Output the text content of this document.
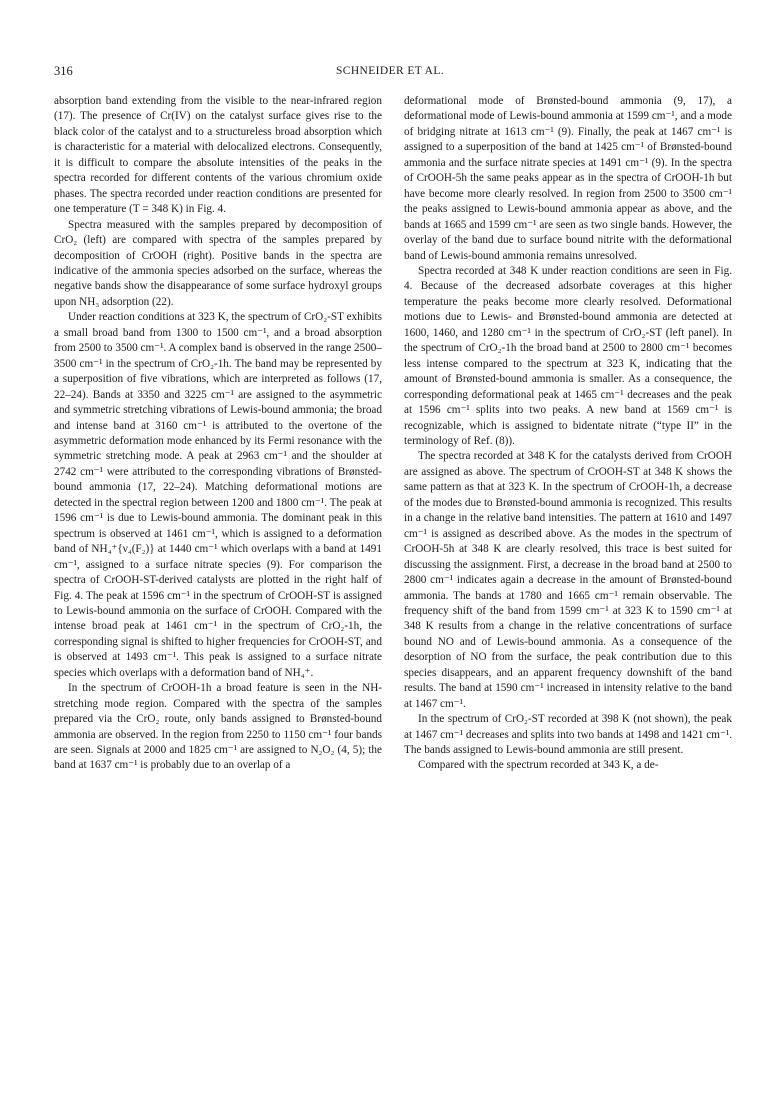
316	SCHNEIDER ET AL.

absorption band extending from the visible to the near-infrared region (17). The presence of Cr(IV) on the catalyst surface gives rise to the black color of the catalyst and to a structureless broad absorption which is characteristic for a material with delocalized electrons. Consequently, it is difficult to compare the absolute intensities of the peaks in the spectra recorded for different contents of the various chromium oxide phases. The spectra recorded under reaction conditions are presented for one temperature (T = 348 K) in Fig. 4.

Spectra measured with the samples prepared by decomposition of CrO₂ (left) are compared with spectra of the samples prepared by decomposition of CrOOH (right). Positive bands in the spectra are indicative of the ammonia species adsorbed on the surface, whereas the negative bands show the disappearance of some surface hydroxyl groups upon NH₃ adsorption (22).

Under reaction conditions at 323 K, the spectrum of CrO₂-ST exhibits a small broad band from 1300 to 1500 cm⁻¹, and a broad absorption from 2500 to 3500 cm⁻¹. A complex band is observed in the range 2500–3500 cm⁻¹ in the spectrum of CrO₂-1h. The band may be represented by a superposition of five vibrations, which are interpreted as follows (17, 22–24). Bands at 3350 and 3225 cm⁻¹ are assigned to the asymmetric and symmetric stretching vibrations of Lewis-bound ammonia; the broad and intense band at 3160 cm⁻¹ is attributed to the overtone of the asymmetric deformation mode enhanced by its Fermi resonance with the symmetric stretching mode. A peak at 2963 cm⁻¹ and the shoulder at 2742 cm⁻¹ were attributed to the corresponding vibrations of Brønsted-bound ammonia (17, 22–24). Matching deformational motions are detected in the spectral region between 1200 and 1800 cm⁻¹. The peak at 1596 cm⁻¹ is due to Lewis-bound ammonia. The dominant peak in this spectrum is observed at 1461 cm⁻¹, which is assigned to a deformation band of NH₄⁺{ν₄(F₂)} at 1440 cm⁻¹ which overlaps with a band at 1491 cm⁻¹, assigned to a surface nitrate species (9). For comparison the spectra of CrOOH-ST-derived catalysts are plotted in the right half of Fig. 4. The peak at 1596 cm⁻¹ in the spectrum of CrOOH-ST is assigned to Lewis-bound ammonia on the surface of CrOOH. Compared with the intense broad peak at 1461 cm⁻¹ in the spectrum of CrO₂-1h, the corresponding signal is shifted to higher frequencies for CrOOH-ST, and is observed at 1493 cm⁻¹. This peak is assigned to a surface nitrate species which overlaps with a deformation band of NH₄⁺.

In the spectrum of CrOOH-1h a broad feature is seen in the NH-stretching mode region. Compared with the spectra of the samples prepared via the CrO₂ route, only bands assigned to Brønsted-bound ammonia are observed. In the region from 2250 to 1150 cm⁻¹ four bands are seen. Signals at 2000 and 1825 cm⁻¹ are assigned to N₂O₂ (4, 5); the band at 1637 cm⁻¹ is probably due to an overlap of a

deformational mode of Brønsted-bound ammonia (9, 17), a deformational mode of Lewis-bound ammonia at 1599 cm⁻¹, and a mode of bridging nitrate at 1613 cm⁻¹ (9). Finally, the peak at 1467 cm⁻¹ is assigned to a superposition of the band at 1425 cm⁻¹ of Brønsted-bound ammonia and the surface nitrate species at 1491 cm⁻¹ (9). In the spectra of CrOOH-5h the same peaks appear as in the spectra of CrOOH-1h but have become more clearly resolved. In region from 2500 to 3500 cm⁻¹ the peaks assigned to Lewis-bound ammonia appear as above, and the bands at 1665 and 1599 cm⁻¹ are seen as two single bands. However, the overlay of the band due to surface bound nitrite with the deformational band of Lewis-bound ammonia remains unresolved.

Spectra recorded at 348 K under reaction conditions are seen in Fig. 4. Because of the decreased adsorbate coverages at this higher temperature the peaks become more clearly resolved. Deformational motions due to Lewis- and Brønsted-bound ammonia are detected at 1600, 1460, and 1280 cm⁻¹ in the spectrum of CrO₂-ST (left panel). In the spectrum of CrO₂-1h the broad band at 2500 to 2800 cm⁻¹ becomes less intense compared to the spectrum at 323 K, indicating that the amount of Brønsted-bound ammonia is smaller. As a consequence, the corresponding deformational peak at 1465 cm⁻¹ decreases and the peak at 1596 cm⁻¹ splits into two peaks. A new band at 1569 cm⁻¹ is recognizable, which is assigned to bidentate nitrate (“type II” in the terminology of Ref. (8)).

The spectra recorded at 348 K for the catalysts derived from CrOOH are assigned as above. The spectrum of CrOOH-ST at 348 K shows the same pattern as that at 323 K. In the spectrum of CrOOH-1h, a decrease of the modes due to Brønsted-bound ammonia is recognized. This results in a change in the relative band intensities. The pattern at 1610 and 1497 cm⁻¹ is assigned as described above. As the modes in the spectrum of CrOOH-5h at 348 K are clearly resolved, this trace is best suited for discussing the assignment. First, a decrease in the broad band at 2500 to 2800 cm⁻¹ indicates again a decrease in the amount of Brønsted-bound ammonia. The bands at 1780 and 1665 cm⁻¹ remain observable. The frequency shift of the band from 1599 cm⁻¹ at 323 K to 1590 cm⁻¹ at 348 K results from a change in the relative concentrations of surface bound NO and of Lewis-bound ammonia. As a consequence of the desorption of NO from the surface, the peak contribution due to this species disappears, and an apparent frequency downshift of the band results. The band at 1590 cm⁻¹ increased in intensity relative to the band at 1467 cm⁻¹.

In the spectrum of CrO₂-ST recorded at 398 K (not shown), the peak at 1467 cm⁻¹ decreases and splits into two bands at 1498 and 1421 cm⁻¹. The bands assigned to Lewis-bound ammonia are still present.

Compared with the spectrum recorded at 343 K, a de-
